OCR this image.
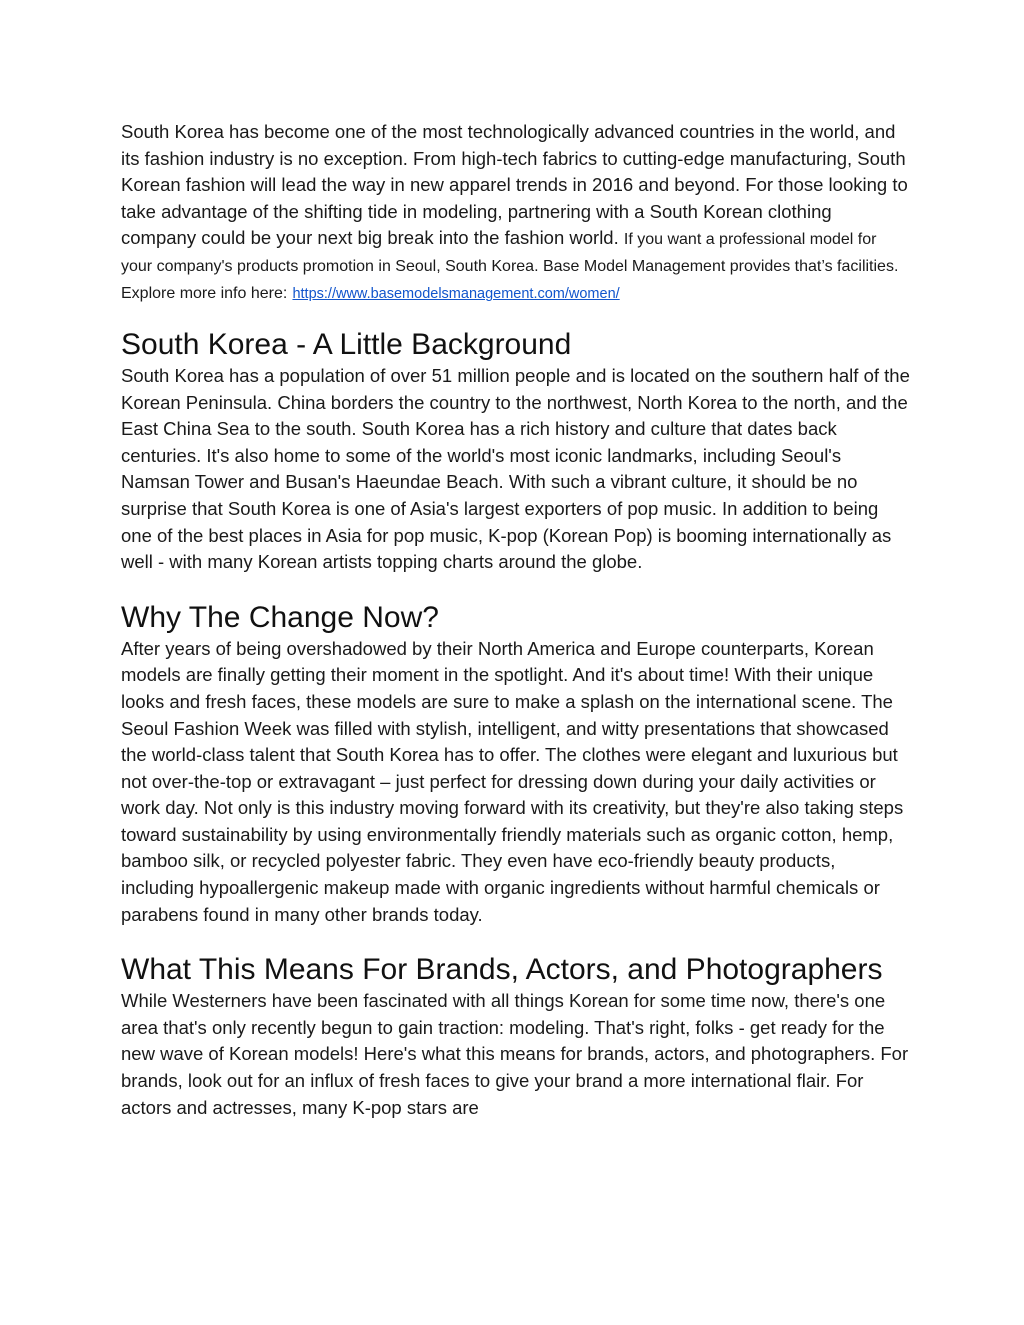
South Korea has become one of the most technologically advanced countries in the world, and its fashion industry is no exception. From high-tech fabrics to cutting-edge manufacturing, South Korean fashion will lead the way in new apparel trends in 2016 and beyond. For those looking to take advantage of the shifting tide in modeling, partnering with a South Korean clothing company could be your next big break into the fashion world. If you want a professional model for your company's products promotion in Seoul, South Korea. Base Model Management provides that’s facilities. Explore more info here: https://www.basemodelsmanagement.com/women/

South Korea - A Little Background

South Korea has a population of over 51 million people and is located on the southern half of the Korean Peninsula. China borders the country to the northwest, North Korea to the north, and the East China Sea to the south. South Korea has a rich history and culture that dates back centuries. It's also home to some of the world's most iconic landmarks, including Seoul's Namsan Tower and Busan's Haeundae Beach. With such a vibrant culture, it should be no surprise that South Korea is one of Asia's largest exporters of pop music. In addition to being one of the best places in Asia for pop music, K-pop (Korean Pop) is booming internationally as well - with many Korean artists topping charts around the globe.

Why The Change Now?

After years of being overshadowed by their North America and Europe counterparts, Korean models are finally getting their moment in the spotlight. And it's about time! With their unique looks and fresh faces, these models are sure to make a splash on the international scene. The Seoul Fashion Week was filled with stylish, intelligent, and witty presentations that showcased the world-class talent that South Korea has to offer. The clothes were elegant and luxurious but not over-the-top or extravagant – just perfect for dressing down during your daily activities or work day. Not only is this industry moving forward with its creativity, but they're also taking steps toward sustainability by using environmentally friendly materials such as organic cotton, hemp, bamboo silk, or recycled polyester fabric. They even have eco-friendly beauty products, including hypoallergenic makeup made with organic ingredients without harmful chemicals or parabens found in many other brands today.

What This Means For Brands, Actors, and Photographers

While Westerners have been fascinated with all things Korean for some time now, there's one area that's only recently begun to gain traction: modeling. That's right, folks - get ready for the new wave of Korean models! Here's what this means for brands, actors, and photographers. For brands, look out for an influx of fresh faces to give your brand a more international flair. For actors and actresses, many K-pop stars are
